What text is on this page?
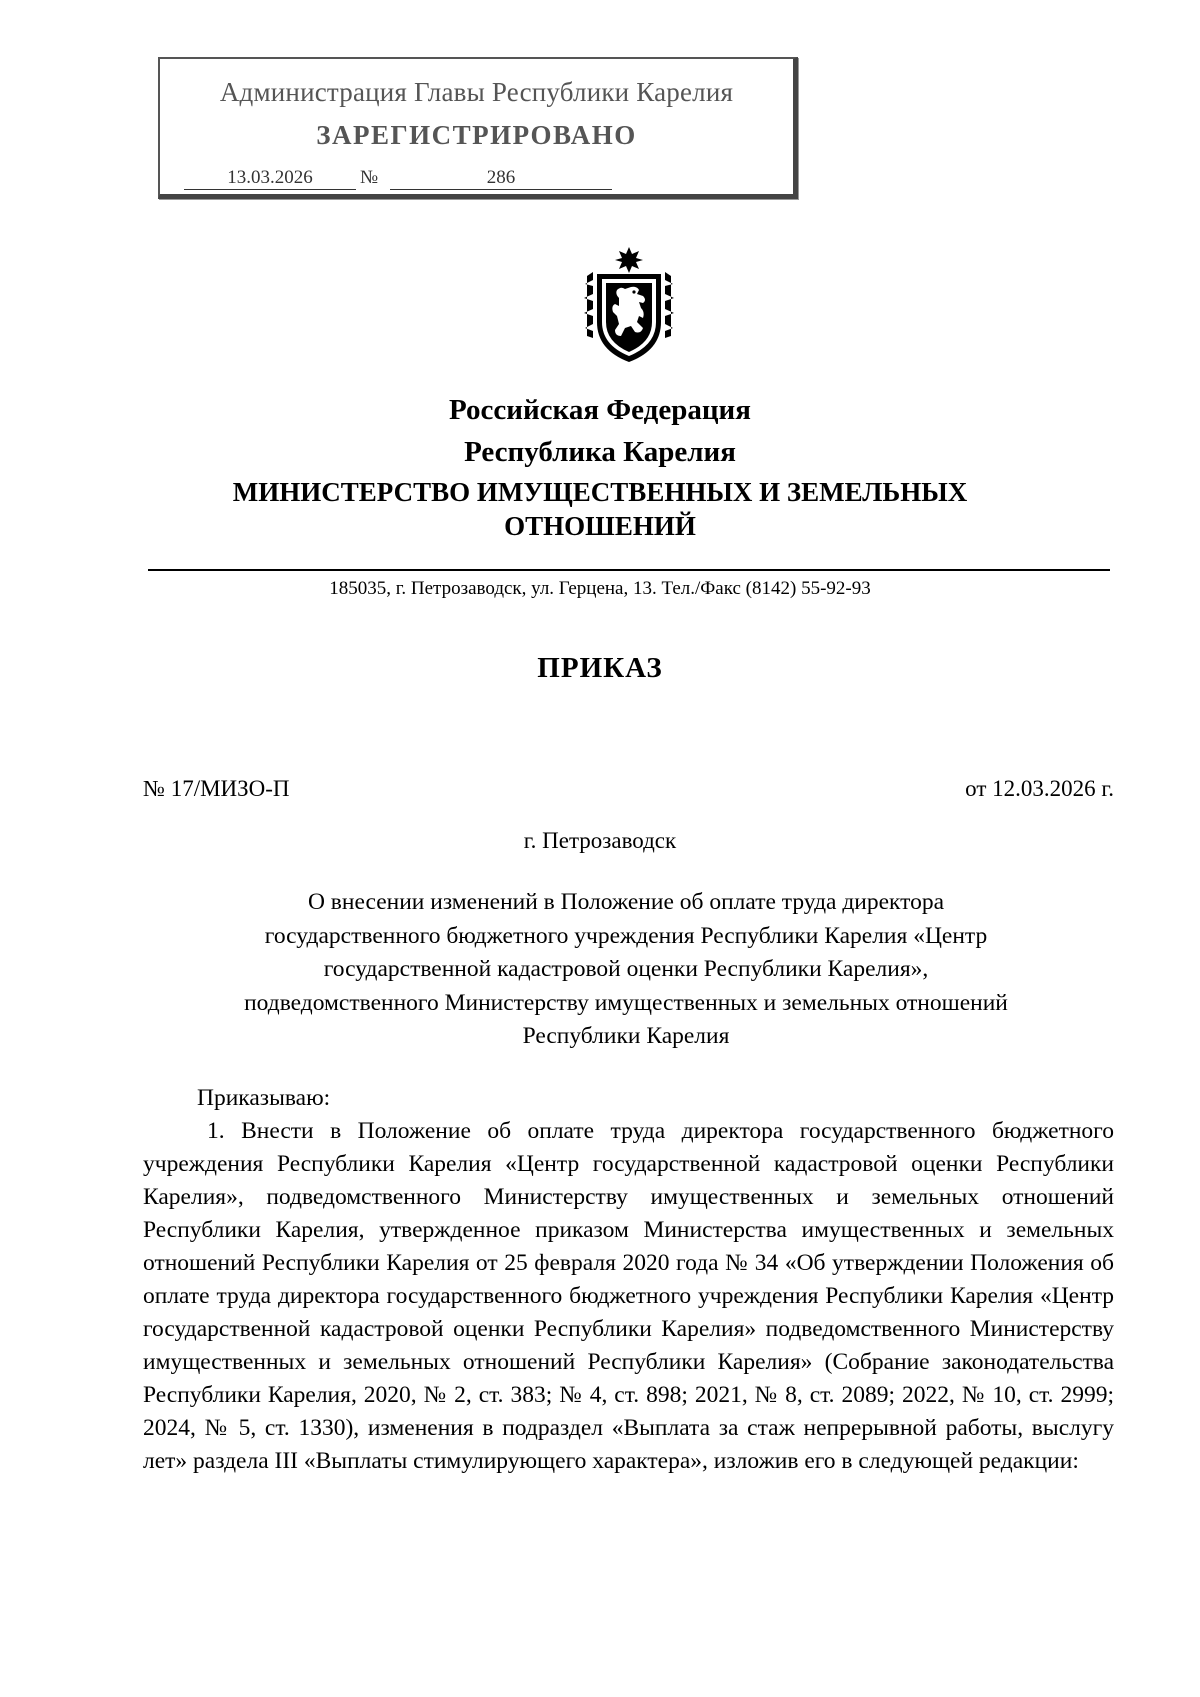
Администрация Главы Республики Карелия
ЗАРЕГИСТРИРОВАНО
13.03.2026	№	286
Российская Федерация
Республика Карелия
МИНИСТЕРСТВО ИМУЩЕСТВЕННЫХ И ЗЕМЕЛЬНЫХ
ОТНОШЕНИЙ
185035, г. Петрозаводск, ул. Герцена, 13. Тел./Факс (8142) 55-92-93
ПРИКАЗ
№ 17/МИЗО-П	от 12.03.2026 г.
г. Петрозаводск
О внесении изменений в Положение об оплате труда директора
государственного бюджетного учреждения Республики Карелия «Центр
государственной кадастровой оценки Республики Карелия»,
подведомственного Министерству имущественных и земельных отношений
Республики Карелия

Приказываю:

1. Внести в Положение об оплате труда директора государственного бюджетного учреждения Республики Карелия «Центр государственной кадастровой оценки Республики Карелия», подведомственного Министерству имущественных и земельных отношений Республики Карелия, утвержденное приказом Министерства имущественных и земельных отношений Республики Карелия от 25 февраля 2020 года № 34 «Об утверждении Положения об оплате труда директора государственного бюджетного учреждения Республики Карелия «Центр государственной кадастровой оценки Республики Карелия» подведомственного Министерству имущественных и земельных отношений Республики Карелия» (Собрание законодательства Республики Карелия, 2020, № 2, ст. 383; № 4, ст. 898; 2021, № 8, ст. 2089; 2022, № 10, ст. 2999; 2024, № 5, ст. 1330), изменения в подраздел «Выплата за стаж непрерывной работы, выслугу лет» раздела III «Выплаты стимулирующего характера», изложив его в следующей редакции:
